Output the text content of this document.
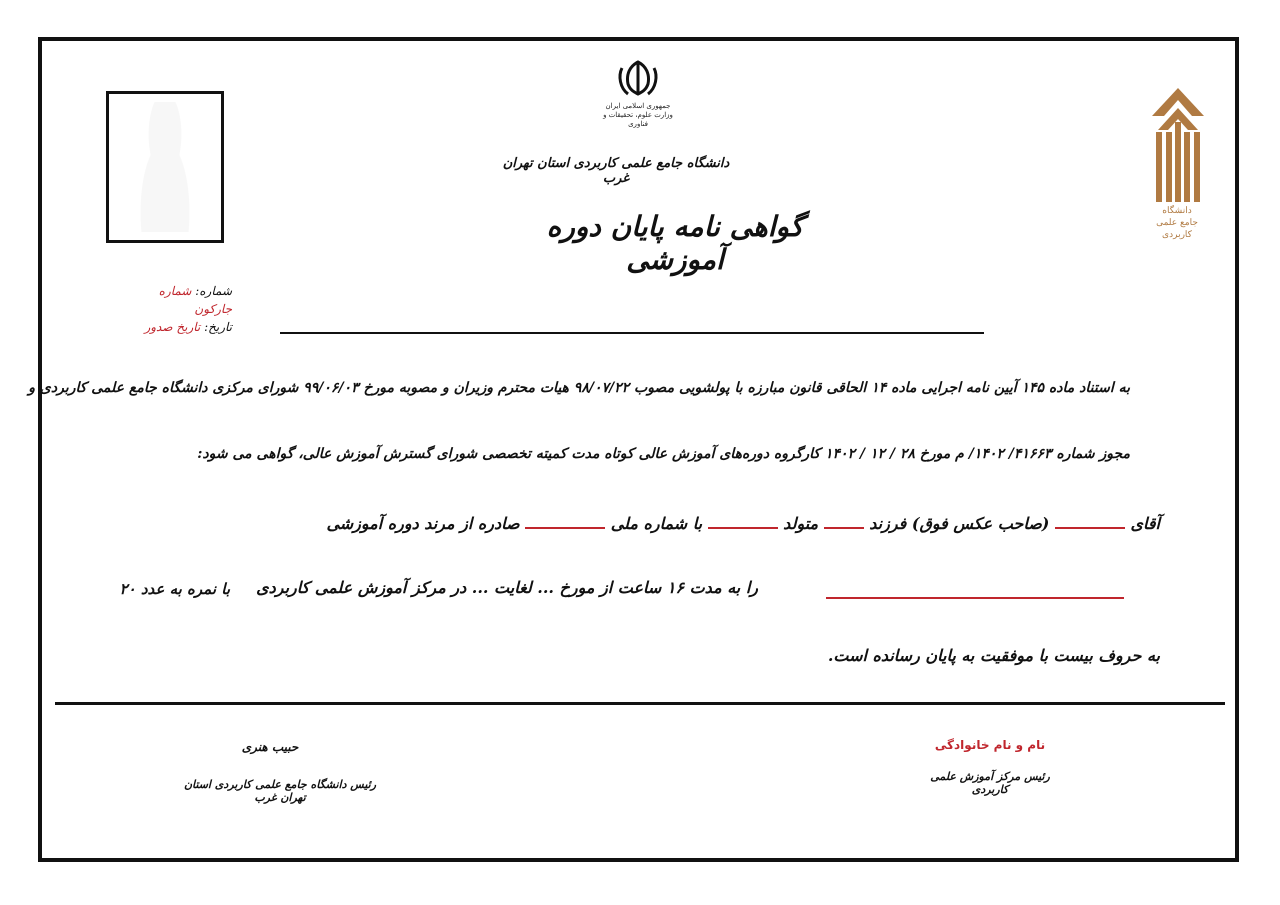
جمهوری اسلامی ایران
وزارت علوم، تحقیقات و فناوری
دانشگاه جامع علمی کاربردی
دانشگاه جامع علمی کاربردی استان تهران غرب
گواهی نامه پایان دوره آموزشی
شماره: شماره جارکون
تاریخ: تاریخ صدور
به استناد ماده ۱۴۵ آیین نامه اجرایی ماده ۱۴ الحاقی قانون مبارزه با پولشویی مصوب ۹۸/۰۷/۲۲ هیات محترم وزیران و مصوبه مورخ ۹۹/۰۶/۰۳ شورای مرکزی دانشگاه جامع علمی کاربردی و
مجوز شماره ۴۱۶۶۳/ ۱۴۰۲/ م مورخ ۲۸ / ۱۲ / ۱۴۰۲ کارگروه دوره‌های آموزش عالی کوتاه مدت کمیته تخصصی شورای گسترش آموزش عالی، گواهی می شود:
آقای  (صاحب عکس فوق) فرزند  متولد  با شماره ملی  صادره از مرند دوره آموزشی
را به مدت ۱۶ ساعت از مورخ ... لغایت ... در مرکز آموزش علمی کاربردی
با نمره به عدد ۲۰
به حروف بیست با موفقیت به پایان رسانده است.
حبیب هنری
رئیس دانشگاه جامع علمی کاربردی استان تهران غرب
نام و نام خانوادگی
رئیس مرکز آموزش علمی کاربردی
